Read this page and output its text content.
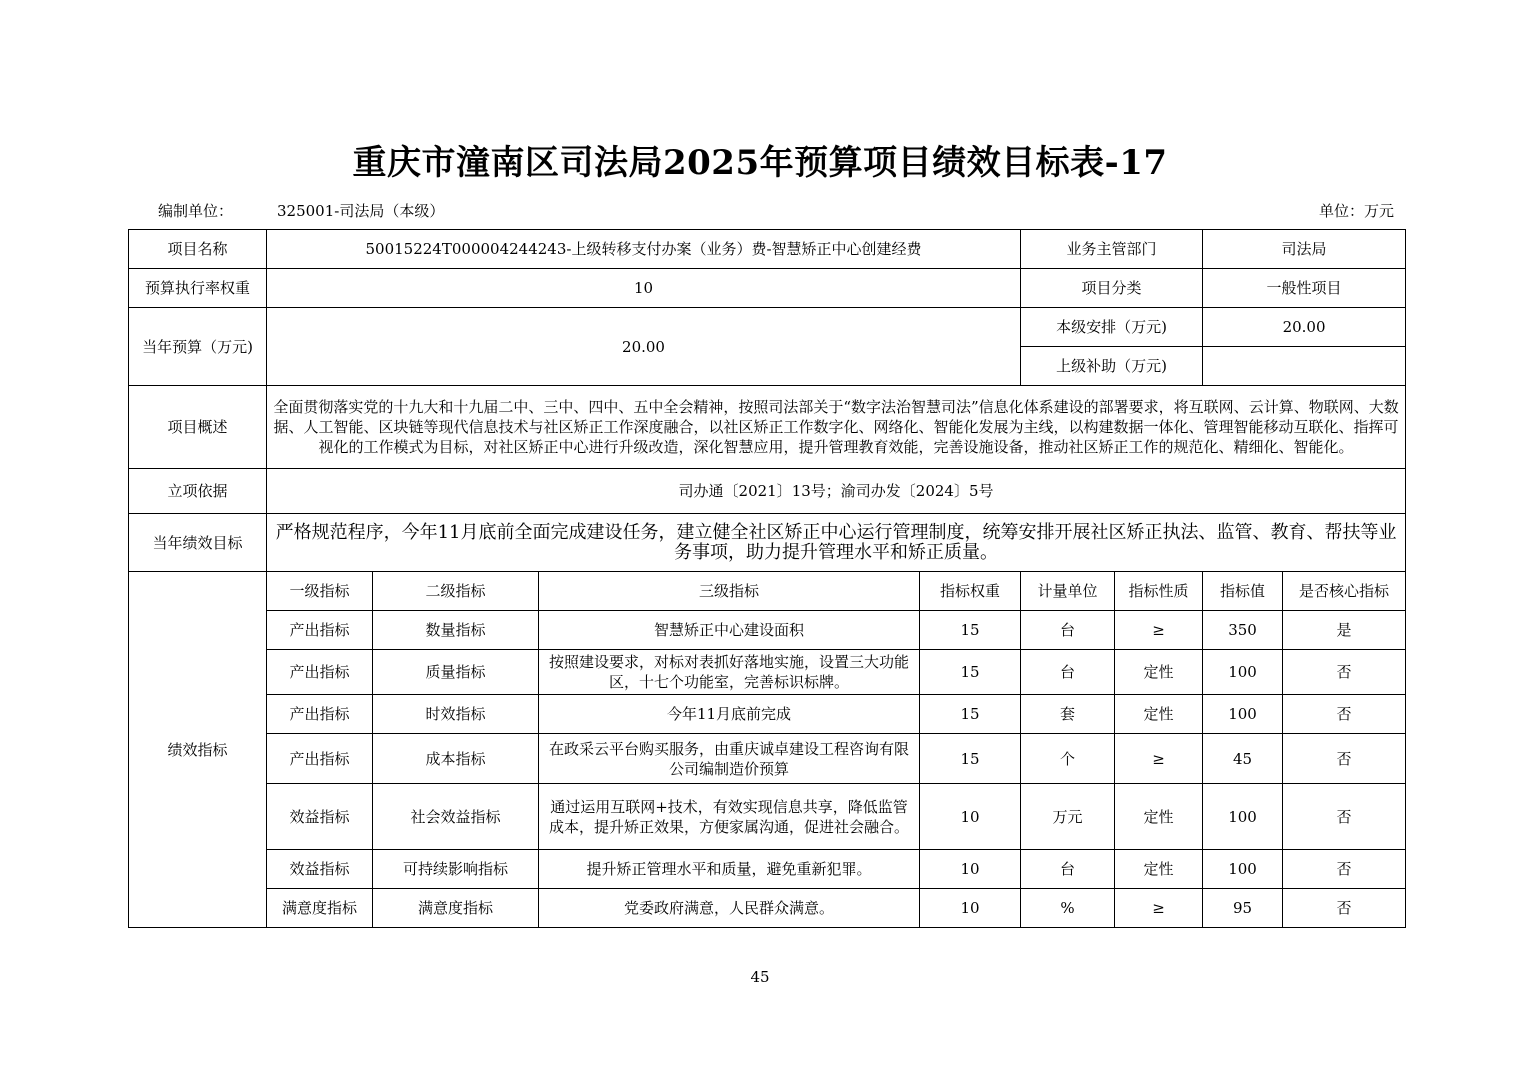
重庆市潼南区司法局2025年预算项目绩效目标表-17
编制单位：	325001-司法局（本级）	单位：万元
项目名称	50015224T000004244243-上级转移支付办案（业务）费-智慧矫正中心创建经费				业务主管部门		司法局	
预算执行率权重	10				项目分类		一般性项目	
当年预算（万元)	20.00				本级安排（万元)		20.00	
					上级补助（万元)			
项目概述	全面贯彻落实党的十九大和十九届二中、三中、四中、五中全会精神，按照司法部关于“数字法治智慧司法”信息化体系建设的部署要求，将互联网、云计算、物联网、大数据、人工智能、区块链等现代信息技术与社区矫正工作深度融合，以社区矫正工作数字化、网络化、智能化发展为主线，以构建数据一体化、管理智能移动互联化、指挥可视化的工作模式为目标，对社区矫正中心进行升级改造，深化智慧应用，提升管理教育效能，完善设施设备，推动社区矫正工作的规范化、精细化、智能化。							
立项依据	司办通〔2021〕13号；渝司办发〔2024〕5号							
当年绩效目标	严格规范程序，今年11月底前全面完成建设任务，建立健全社区矫正中心运行管理制度，统筹安排开展社区矫正执法、监管、教育、帮扶等业务事项，助力提升管理水平和矫正质量。							
绩效指标	一级指标	二级指标	三级指标	指标权重	计量单位	指标性质	指标值	是否核心指标
	产出指标	数量指标	智慧矫正中心建设面积	15	台	≥	350	是
	产出指标	质量指标	按照建设要求，对标对表抓好落地实施，设置三大功能区，十七个功能室，完善标识标牌。	15	台	定性	100	否
	产出指标	时效指标	今年11月底前完成	15	套	定性	100	否
	产出指标	成本指标	在政采云平台购买服务，由重庆诚卓建设工程咨询有限公司编制造价预算	15	个	≥	45	否
	效益指标	社会效益指标	通过运用互联网+技术，有效实现信息共享，降低监管成本，提升矫正效果，方便家属沟通，促进社会融合。	10	万元	定性	100	否
	效益指标	可持续影响指标	提升矫正管理水平和质量，避免重新犯罪。	10	台	定性	100	否
	满意度指标	满意度指标	党委政府满意，人民群众满意。	10	%	≥	95	否
45
